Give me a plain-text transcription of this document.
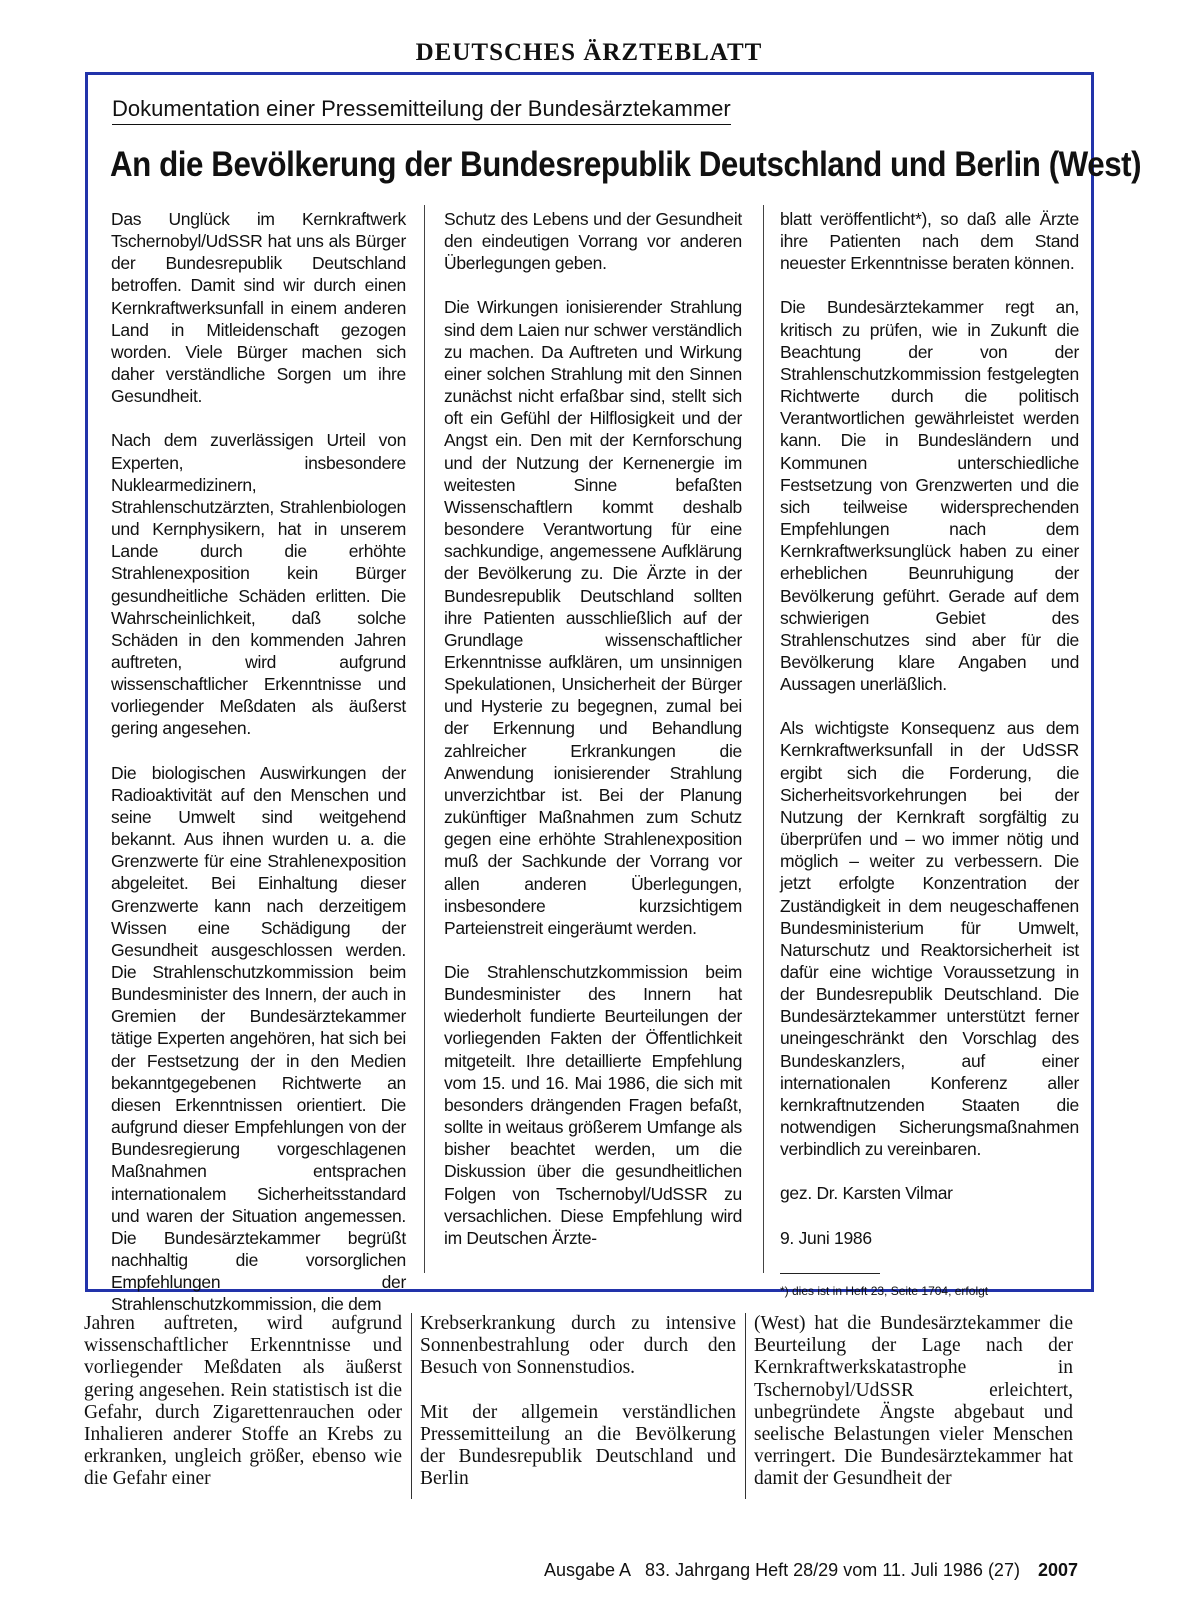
DEUTSCHES ÄRZTEBLATT
Dokumentation einer Pressemitteilung der Bundesärztekammer
An die Bevölkerung der Bundesrepublik Deutschland und Berlin (West)

Das Unglück im Kernkraftwerk Tschernobyl/UdSSR hat uns als Bürger der Bundesrepublik Deutschland betroffen. Damit sind wir durch einen Kernkraftwerksunfall in einem anderen Land in Mitleidenschaft gezogen worden. Viele Bürger machen sich daher verständliche Sorgen um ihre Gesundheit.

Nach dem zuverlässigen Urteil von Experten, insbesondere Nuklearmedizinern, Strahlenschutzärzten, Strahlenbiologen und Kernphysikern, hat in unserem Lande durch die erhöhte Strahlenexposition kein Bürger gesundheitliche Schäden erlitten. Die Wahrscheinlichkeit, daß solche Schäden in den kommenden Jahren auftreten, wird aufgrund wissenschaftlicher Erkenntnisse und vorliegender Meßdaten als äußerst gering angesehen.

Die biologischen Auswirkungen der Radioaktivität auf den Menschen und seine Umwelt sind weitgehend bekannt. Aus ihnen wurden u. a. die Grenzwerte für eine Strahlenexposition abgeleitet. Bei Einhaltung dieser Grenzwerte kann nach derzeitigem Wissen eine Schädigung der Gesundheit ausgeschlossen werden. Die Strahlenschutzkommission beim Bundesminister des Innern, der auch in Gremien der Bundesärztekammer tätige Experten angehören, hat sich bei der Festsetzung der in den Medien bekanntgegebenen Richtwerte an diesen Erkenntnissen orientiert. Die aufgrund dieser Empfehlungen von der Bundesregierung vorgeschlagenen Maßnahmen entsprachen internationalem Sicherheitsstandard und waren der Situation angemessen. Die Bundesärztekammer begrüßt nachhaltig die vorsorglichen Empfehlungen der Strahlenschutzkommission, die dem

Schutz des Lebens und der Gesundheit den eindeutigen Vorrang vor anderen Überlegungen geben.

Die Wirkungen ionisierender Strahlung sind dem Laien nur schwer verständlich zu machen. Da Auftreten und Wirkung einer solchen Strahlung mit den Sinnen zunächst nicht erfaßbar sind, stellt sich oft ein Gefühl der Hilflosigkeit und der Angst ein. Den mit der Kernforschung und der Nutzung der Kernenergie im weitesten Sinne befaßten Wissenschaftlern kommt deshalb besondere Verantwortung für eine sachkundige, angemessene Aufklärung der Bevölkerung zu. Die Ärzte in der Bundesrepublik Deutschland sollten ihre Patienten ausschließlich auf der Grundlage wissenschaftlicher Erkenntnisse aufklären, um unsinnigen Spekulationen, Unsicherheit der Bürger und Hysterie zu begegnen, zumal bei der Erkennung und Behandlung zahlreicher Erkrankungen die Anwendung ionisierender Strahlung unverzichtbar ist. Bei der Planung zukünftiger Maßnahmen zum Schutz gegen eine erhöhte Strahlenexposition muß der Sachkunde der Vorrang vor allen anderen Überlegungen, insbesondere kurzsichtigem Parteienstreit eingeräumt werden.

Die Strahlenschutzkommission beim Bundesminister des Innern hat wiederholt fundierte Beurteilungen der vorliegenden Fakten der Öffentlichkeit mitgeteilt. Ihre detaillierte Empfehlung vom 15. und 16. Mai 1986, die sich mit besonders drängenden Fragen befaßt, sollte in weitaus größerem Umfange als bisher beachtet werden, um die Diskussion über die gesundheitlichen Folgen von Tschernobyl/UdSSR zu versachlichen. Diese Empfehlung wird im Deutschen Ärzte-

blatt veröffentlicht*), so daß alle Ärzte ihre Patienten nach dem Stand neuester Erkenntnisse beraten können.

Die Bundesärztekammer regt an, kritisch zu prüfen, wie in Zukunft die Beachtung der von der Strahlenschutzkommission festgelegten Richtwerte durch die politisch Verantwortlichen gewährleistet werden kann. Die in Bundesländern und Kommunen unterschiedliche Festsetzung von Grenzwerten und die sich teilweise widersprechenden Empfehlungen nach dem Kernkraftwerksunglück haben zu einer erheblichen Beunruhigung der Bevölkerung geführt. Gerade auf dem schwierigen Gebiet des Strahlenschutzes sind aber für die Bevölkerung klare Angaben und Aussagen unerläßlich.

Als wichtigste Konsequenz aus dem Kernkraftwerksunfall in der UdSSR ergibt sich die Forderung, die Sicherheitsvorkehrungen bei der Nutzung der Kernkraft sorgfältig zu überprüfen und – wo immer nötig und möglich – weiter zu verbessern. Die jetzt erfolgte Konzentration der Zuständigkeit in dem neugeschaffenen Bundesministerium für Umwelt, Naturschutz und Reaktorsicherheit ist dafür eine wichtige Voraussetzung in der Bundesrepublik Deutschland. Die Bundesärztekammer unterstützt ferner uneingeschränkt den Vorschlag des Bundeskanzlers, auf einer internationalen Konferenz aller kernkraftnutzenden Staaten die notwendigen Sicherungsmaßnahmen verbindlich zu vereinbaren.

gez. Dr. Karsten Vilmar

9. Juni 1986

*) dies ist in Heft 23, Seite 1704, erfolgt

Jahren auftreten, wird aufgrund wissenschaftlicher Erkenntnisse und vorliegender Meßdaten als äußerst gering angesehen. Rein statistisch ist die Gefahr, durch Zigarettenrauchen oder Inhalieren anderer Stoffe an Krebs zu erkranken, ungleich größer, ebenso wie die Gefahr einer

Krebserkrankung durch zu intensive Sonnenbestrahlung oder durch den Besuch von Sonnenstudios.

Mit der allgemein verständlichen Pressemitteilung an die Bevölkerung der Bundesrepublik Deutschland und Berlin

(West) hat die Bundesärztekammer die Beurteilung der Lage nach der Kernkraftwerkskatastrophe in Tschernobyl/UdSSR erleichtert, unbegründete Ängste abgebaut und seelische Belastungen vieler Menschen verringert. Die Bundesärztekammer hat damit der Gesundheit der

Ausgabe A   83. Jahrgang Heft 28/29 vom 11. Juli 1986 (27) 2007
